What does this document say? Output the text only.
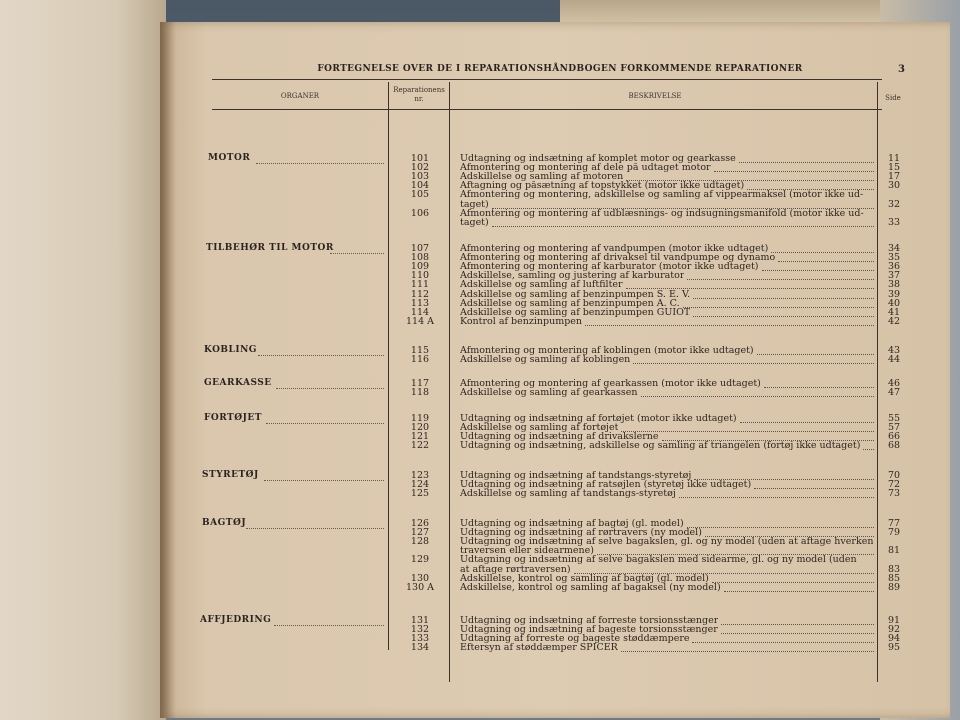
FORTEGNELSE OVER DE I REPARATIONSHÅNDBOGEN FORKOMMENDE REPARATIONER	3
ORGANER
Reparationens
nr.	BESKRIVELSE	Side
MOTOR	101	Udtagning og indsætning af komplet motor og gearkasse	11
102	Afmontering og montering af dele på udtaget motor	15
103	Adskillelse og samling af motoren	17
104	Aftagning og påsætning af topstykket (motor ikke udtaget)	30
105	Afmontering og montering, adskillelse og samling af vippearmaksel (motor ikke ud-
taget)	32
106	Afmontering og montering af udblæsnings- og indsugningsmanifold (motor ikke ud-
taget)	33
TILBEHØR TIL MOTOR	107	Afmontering og montering af vandpumpen (motor ikke udtaget)	34
108	Afmontering og montering af drivaksel til vandpumpe og dynamo	35
109	Afmontering og montering af karburator (motor ikke udtaget)	36
110	Adskillelse, samling og justering af karburator	37
111	Adskillelse og samling af luftfilter	38
112	Adskillelse og samling af benzinpumpen S. E. V.	39
113	Adskillelse og samling af benzinpumpen A. C.	40
114	Adskillelse og samling af benzinpumpen GUIOT	41
114 A	Kontrol af benzinpumpen	42
KOBLING	115	Afmontering og montering af koblingen (motor ikke udtaget)	43
116	Adskillelse og samling af koblingen	44
GEARKASSE	117	Afmontering og montering af gearkassen (motor ikke udtaget)	46
118	Adskillelse og samling af gearkassen	47
FORTØJET	119	Udtagning og indsætning af fortøjet (motor ikke udtaget)	55
120	Adskillelse og samling af fortøjet	57
121	Udtagning og indsætning af drivakslerne	66
122	Udtagning og indsætning, adskillelse og samling af triangelen (fortøj ikke udtaget)	68
STYRETØJ	123	Udtagning og indsætning af tandstangs-styretøj	70
124	Udtagning og indsætning af ratsøjlen (styretøj ikke udtaget)	72
125	Adskillelse og samling af tandstangs-styretøj	73
BAGTØJ	126	Udtagning og indsætning af bagtøj (gl. model)	77
127	Udtagning og indsætning af rørtravers (ny model)	79
128	Udtagning og indsætning af selve bagakslen, gl. og ny model (uden at aftage hverken
traversen eller sidearmene)	81
129	Udtagning og indsætning af selve bagakslen med sidearme, gl. og ny model (uden
at aftage rørtraversen)	83
130	Adskillelse, kontrol og samling af bagtøj (gl. model)	85
130 A	Adskillelse, kontrol og samling af bagaksel (ny model)	89
AFFJEDRING	131	Udtagning og indsætning af forreste torsionsstænger	91
132	Udtagning og indsætning af bageste torsionsstænger	92
133	Udtagning af forreste og bageste støddæmpere	94
134	Eftersyn af støddæmper SPICER	95
